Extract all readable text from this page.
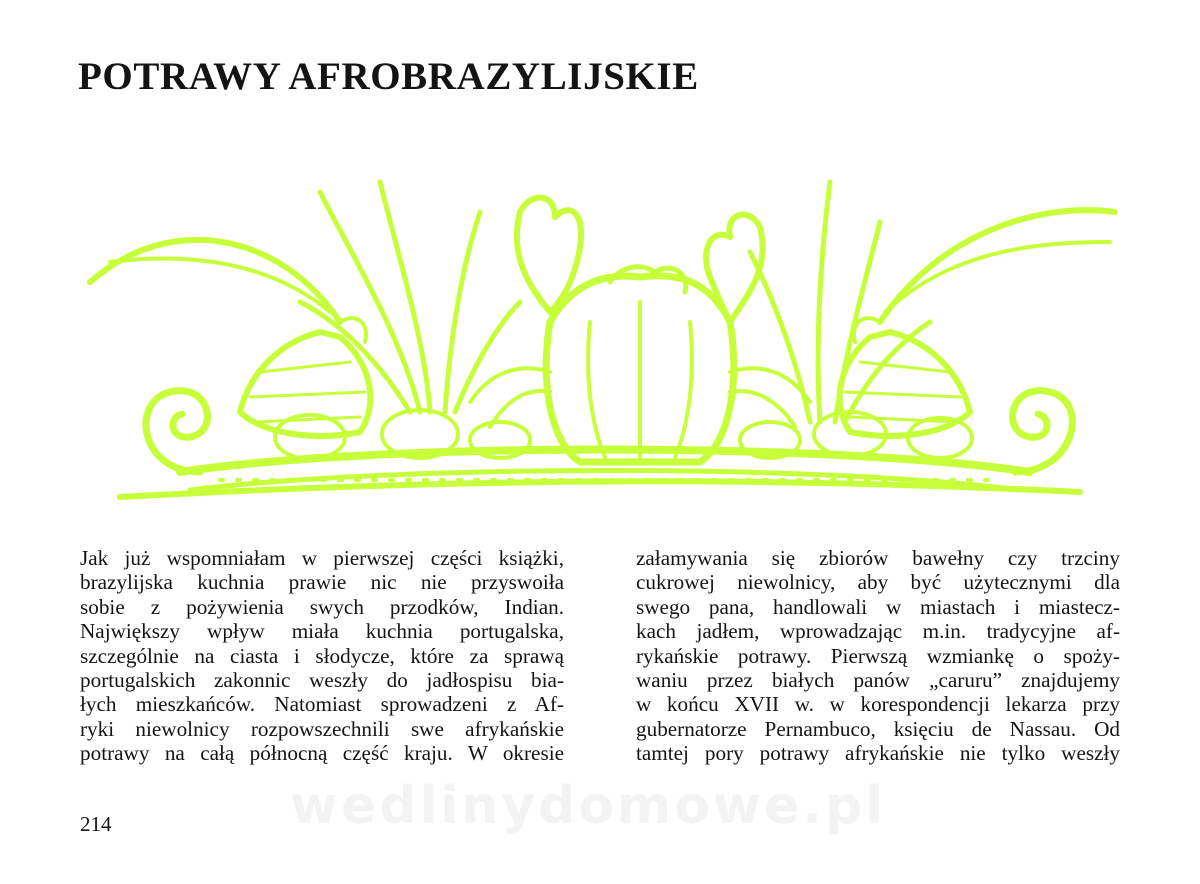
POTRAWY AFROBRAZYLIJSKIE
Jak już wspomniałam w pierwszej części książki,
brazylijska kuchnia prawie nic nie przyswoiła
sobie z pożywienia swych przodków, Indian.
Największy wpływ miała kuchnia portugalska,
szczególnie na ciasta i słodycze, które za sprawą
portugalskich zakonnic weszły do jadłospisu bia-
łych mieszkańców. Natomiast sprowadzeni z Af-
ryki niewolnicy rozpowszechnili swe afrykańskie
potrawy na całą północną część kraju. W okresie
załamywania się zbiorów bawełny czy trzciny
cukrowej niewolnicy, aby być użytecznymi dla
swego pana, handlowali w miastach i miastecz-
kach jadłem, wprowadzając m.in. tradycyjne af-
rykańskie potrawy. Pierwszą wzmiankę o spoży-
waniu przez białych panów „caruru” znajdujemy
w końcu XVII w. w korespondencji lekarza przy
gubernatorze Pernambuco, księciu de Nassau. Od
tamtej pory potrawy afrykańskie nie tylko weszły
214	wedlinydomowe.pl
